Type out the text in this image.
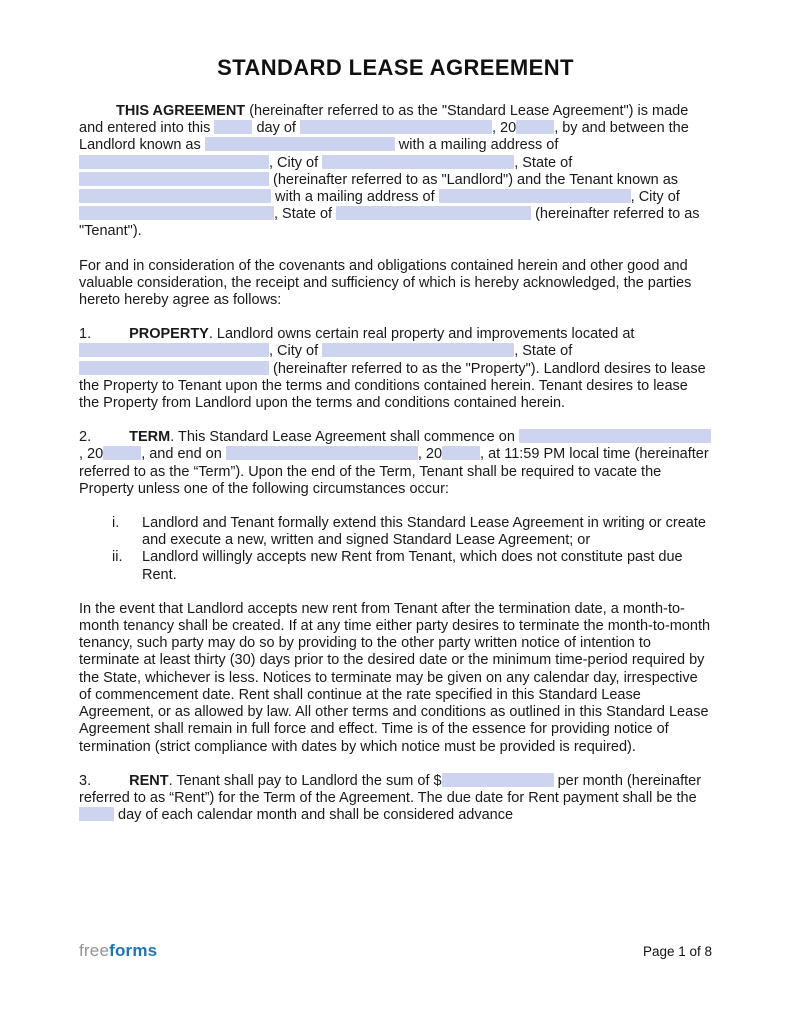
STANDARD LEASE AGREEMENT

THIS AGREEMENT (hereinafter referred to as the "Standard Lease Agreement") is made and entered into this	day of	, 20	, by and between the Landlord known as	with a mailing address of , City of	, State of  (hereinafter referred to as "Landlord") and the Tenant known as  with a mailing address of	, City of , State of	(hereinafter referred to as "Tenant").

For and in consideration of the covenants and obligations contained herein and other good and valuable consideration, the receipt and sufficiency of which is hereby acknowledged, the parties hereto hereby agree as follows:

1.	PROPERTY. Landlord owns certain real property and improvements located at , City of	, State of  (hereinafter referred to as the "Property"). Landlord desires to lease the Property to Tenant upon the terms and conditions contained herein. Tenant desires to lease the Property from Landlord upon the terms and conditions contained herein.

2.	TERM. This Standard Lease Agreement shall commence on , 20	, and end on	, 20	, at 11:59 PM local time (hereinafter referred to as the “Term”). Upon the end of the Term, Tenant shall be required to vacate the Property unless one of the following circumstances occur:

i.	Landlord and Tenant formally extend this Standard Lease Agreement in writing or create and execute a new, written and signed Standard Lease Agreement; or
ii.	Landlord willingly accepts new Rent from Tenant, which does not constitute past due Rent.

In the event that Landlord accepts new rent from Tenant after the termination date, a month-to-month tenancy shall be created. If at any time either party desires to terminate the month-to-month tenancy, such party may do so by providing to the other party written notice of intention to terminate at least thirty (30) days prior to the desired date or the minimum time-period required by the State, whichever is less. Notices to terminate may be given on any calendar day, irrespective of commencement date. Rent shall continue at the rate specified in this Standard Lease Agreement, or as allowed by law. All other terms and conditions as outlined in this Standard Lease Agreement shall remain in full force and effect. Time is of the essence for providing notice of termination (strict compliance with dates by which notice must be provided is required).

3.	RENT. Tenant shall pay to Landlord the sum of $	per month (hereinafter referred to as “Rent”) for the Term of the Agreement. The due date for Rent payment shall be the  day of each calendar month and shall be considered advance

freeforms	Page 1 of 8
